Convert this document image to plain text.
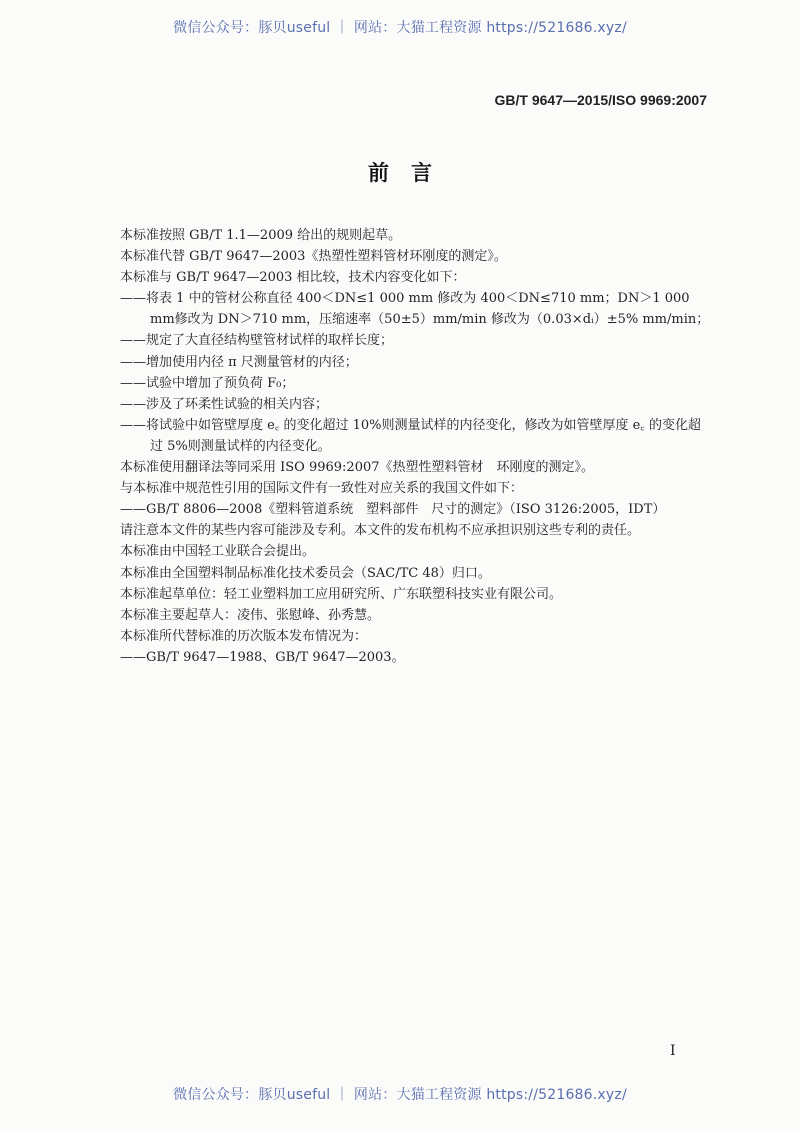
微信公众号：豚贝useful ｜ 网站：大猫工程资源 https://521686.xyz/
GB/T 9647—2015/ISO 9969:2007
前言

本标准按照 GB/T 1.1—2009 给出的规则起草。

本标准代替 GB/T 9647—2003《热塑性塑料管材环刚度的测定》。

本标准与 GB/T 9647—2003 相比较，技术内容变化如下：

——将表 1 中的管材公称直径 400＜DN≤1 000 mm 修改为 400＜DN≤710 mm；DN＞1 000 mm修改为 DN＞710 mm，压缩速率（50±5）mm/min 修改为（0.03×dᵢ）±5% mm/min；

——规定了大直径结构壁管材试样的取样长度；

——增加使用内径 π 尺测量管材的内径；

——试验中增加了预负荷 F₀；

——涉及了环柔性试验的相关内容；

——将试验中如管壁厚度 e꜀ 的变化超过 10%则测量试样的内径变化，修改为如管壁厚度 e꜀ 的变化超过 5%则测量试样的内径变化。

本标准使用翻译法等同采用 ISO 9969:2007《热塑性塑料管材　环刚度的测定》。

与本标准中规范性引用的国际文件有一致性对应关系的我国文件如下：

——GB/T 8806—2008《塑料管道系统　塑料部件　尺寸的测定》（ISO 3126:2005，IDT）

请注意本文件的某些内容可能涉及专利。本文件的发布机构不应承担识别这些专利的责任。

本标准由中国轻工业联合会提出。

本标准由全国塑料制品标准化技术委员会（SAC/TC 48）归口。

本标准起草单位：轻工业塑料加工应用研究所、广东联塑科技实业有限公司。

本标准主要起草人：凌伟、张慰峰、孙秀慧。

本标准所代替标准的历次版本发布情况为：

——GB/T 9647—1988、GB/T 9647—2003。

I
微信公众号：豚贝useful ｜ 网站：大猫工程资源 https://521686.xyz/
